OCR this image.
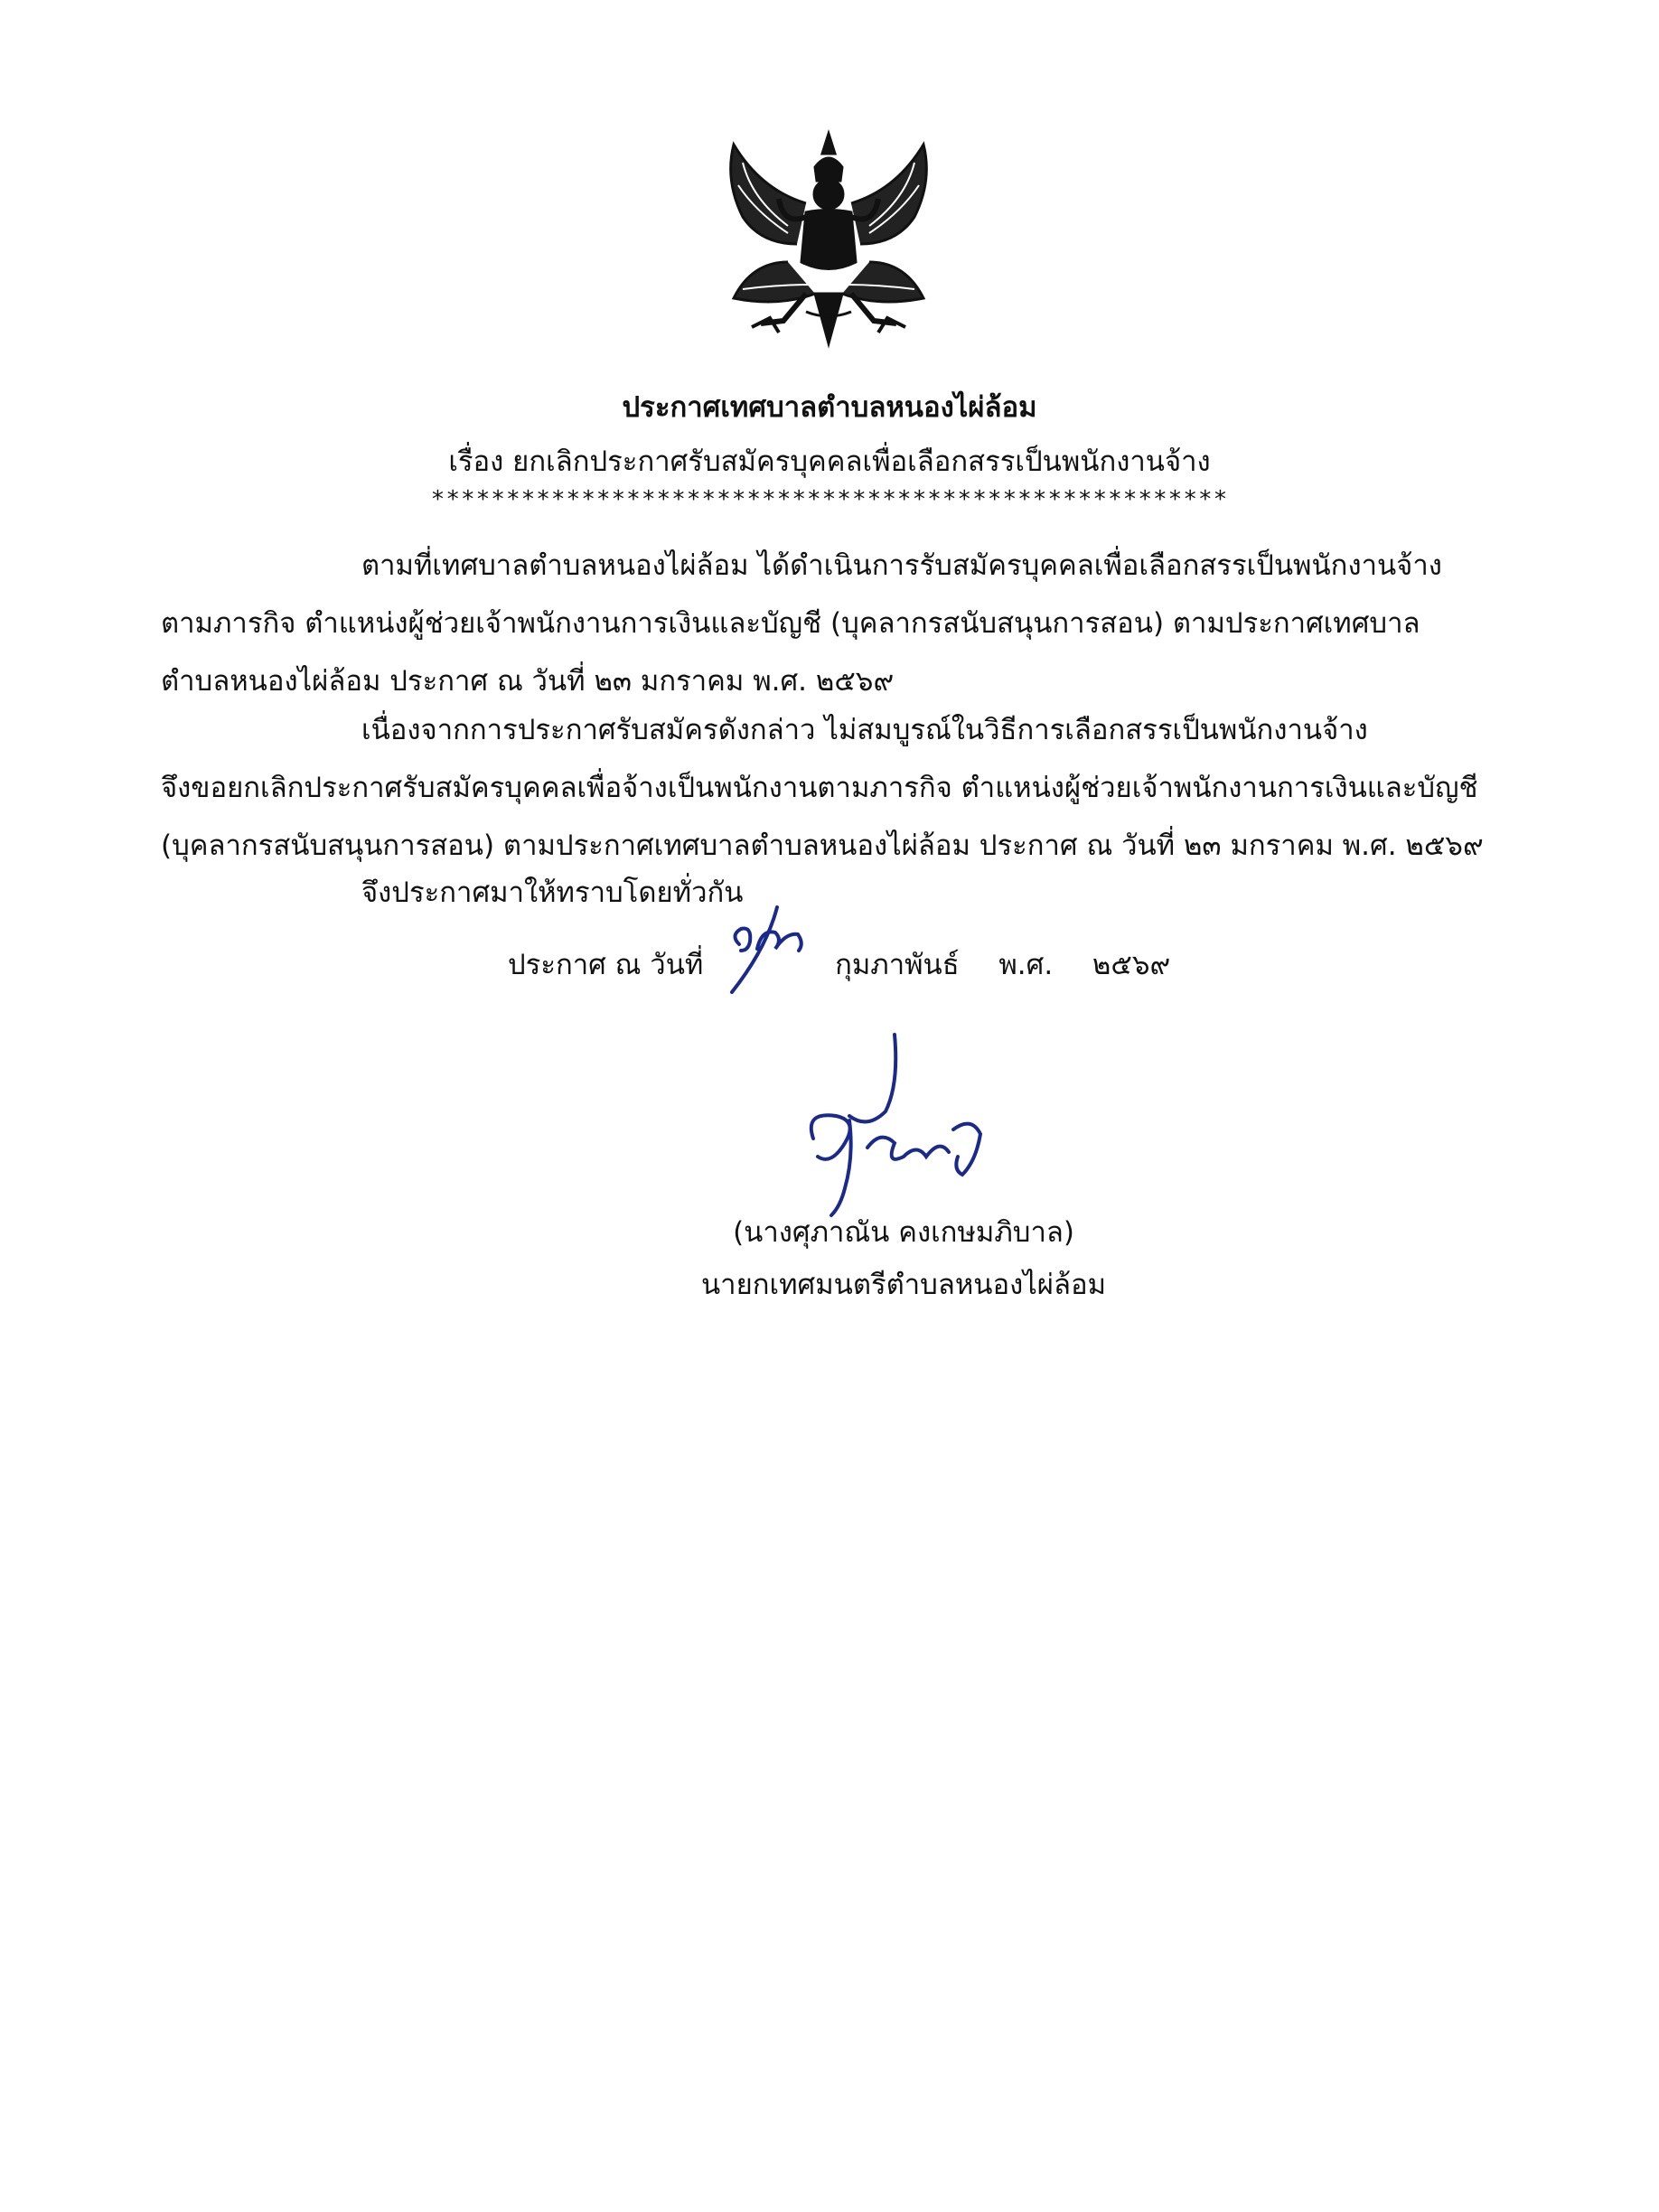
ประกาศเทศบาลตำบลหนองไผ่ล้อม
เรื่อง ยกเลิกประกาศรับสมัครบุคคลเพื่อเลือกสรรเป็นพนักงานจ้าง
*****************************************************
ตามที่เทศบาลตำบลหนองไผ่ล้อม ได้ดำเนินการรับสมัครบุคคลเพื่อเลือกสรรเป็นพนักงานจ้าง
ตามภารกิจ ตำแหน่งผู้ช่วยเจ้าพนักงานการเงินและบัญชี (บุคลากรสนับสนุนการสอน) ตามประกาศเทศบาล
ตำบลหนองไผ่ล้อม ประกาศ ณ วันที่ ๒๓ มกราคม พ.ศ. ๒๕๖๙
เนื่องจากการประกาศรับสมัครดังกล่าว ไม่สมบูรณ์ในวิธีการเลือกสรรเป็นพนักงานจ้าง
จึงขอยกเลิกประกาศรับสมัครบุคคลเพื่อจ้างเป็นพนักงานตามภารกิจ ตำแหน่งผู้ช่วยเจ้าพนักงานการเงินและบัญชี
(บุคลากรสนับสนุนการสอน) ตามประกาศเทศบาลตำบลหนองไผ่ล้อม ประกาศ ณ วันที่ ๒๓ มกราคม พ.ศ. ๒๕๖๙
จึงประกาศมาให้ทราบโดยทั่วกัน
ประกาศ ณ วันที่	กุมภาพันธ์ พ.ศ. ๒๕๖๙
(นางศุภาณัน คงเกษมภิบาล)
นายกเทศมนตรีตำบลหนองไผ่ล้อม
